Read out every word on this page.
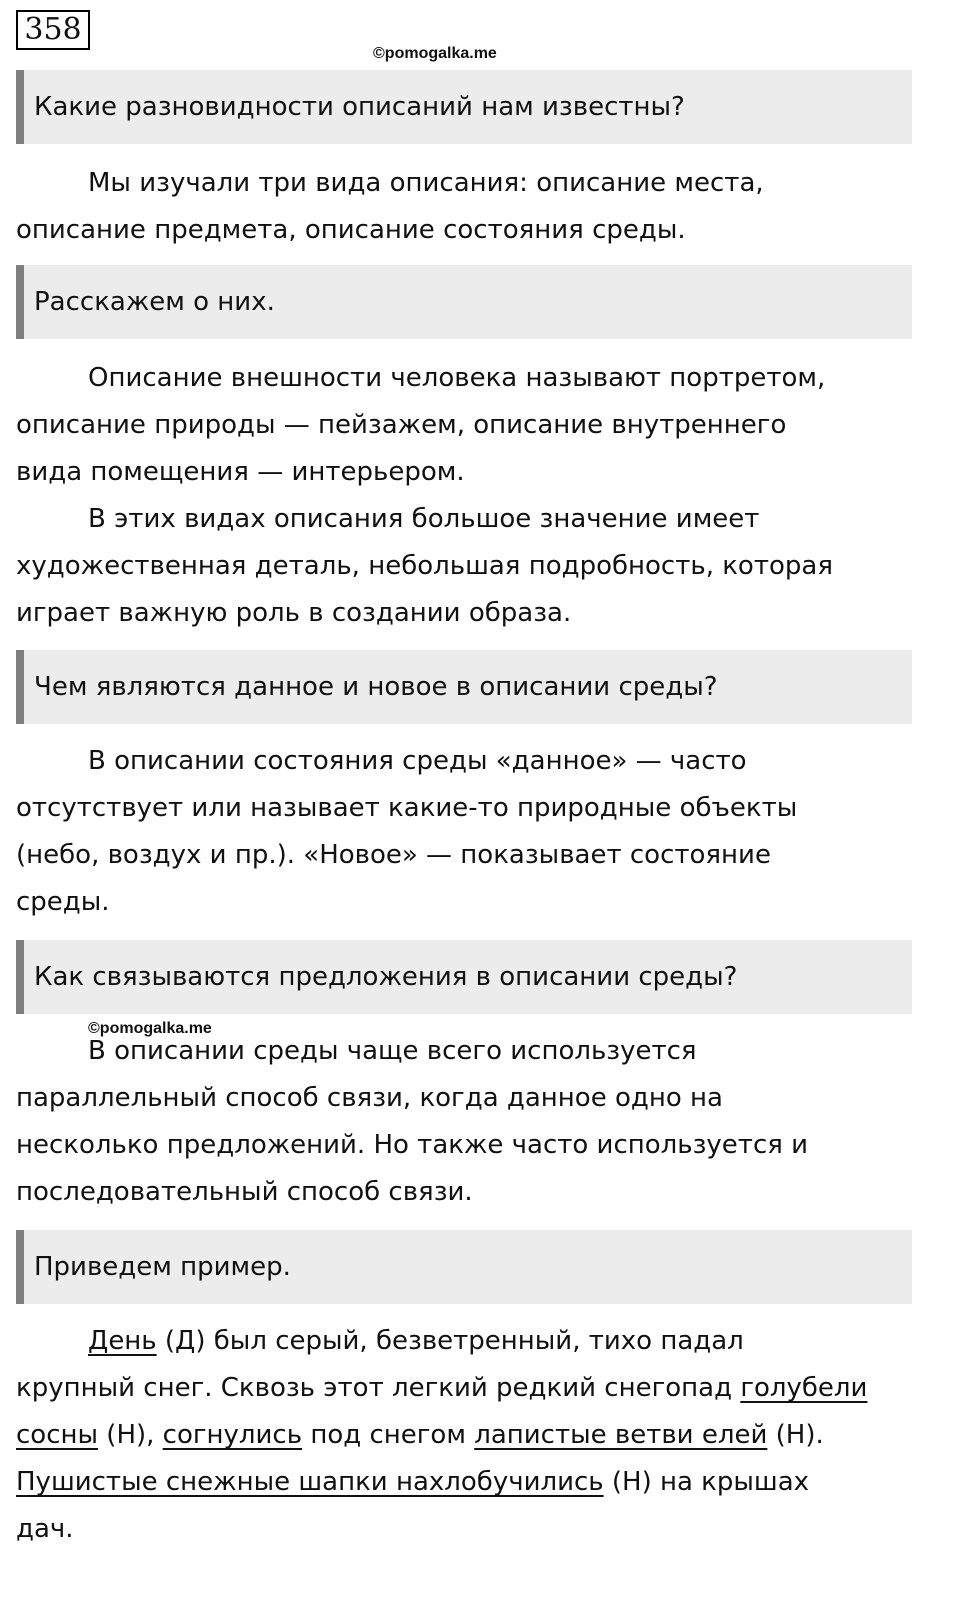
358
©pomogalka.me
Какие разновидности описаний нам известны?

Мы изучали три вида описания: описание места,
описание предмета, описание состояния среды.

Расскажем о них.

Описание внешности человека называют портретом,
описание природы — пейзажем, описание внутреннего
вида помещения — интерьером.

В этих видах описания большое значение имеет
художественная деталь, небольшая подробность, которая
играет важную роль в создании образа.

Чем являются данное и новое в описании среды?

В описании состояния среды «данное» — часто
отсутствует или называет какие-то природные объекты
(небо, воздух и пр.). «Новое» — показывает состояние
среды.

Как связываются предложения в описании среды?
©pomogalka.me

В описании среды чаще всего используется
параллельный способ связи, когда данное одно на
несколько предложений. Но также часто используется и
последовательный способ связи.

Приведем пример.

День (Д) был серый, безветренный, тихо падал
крупный снег. Сквозь этот легкий редкий снегопад голубели
сосны (Н), согнулись под снегом лапистые ветви елей (Н).
Пушистые снежные шапки нахлобучились (Н) на крышах
дач.
